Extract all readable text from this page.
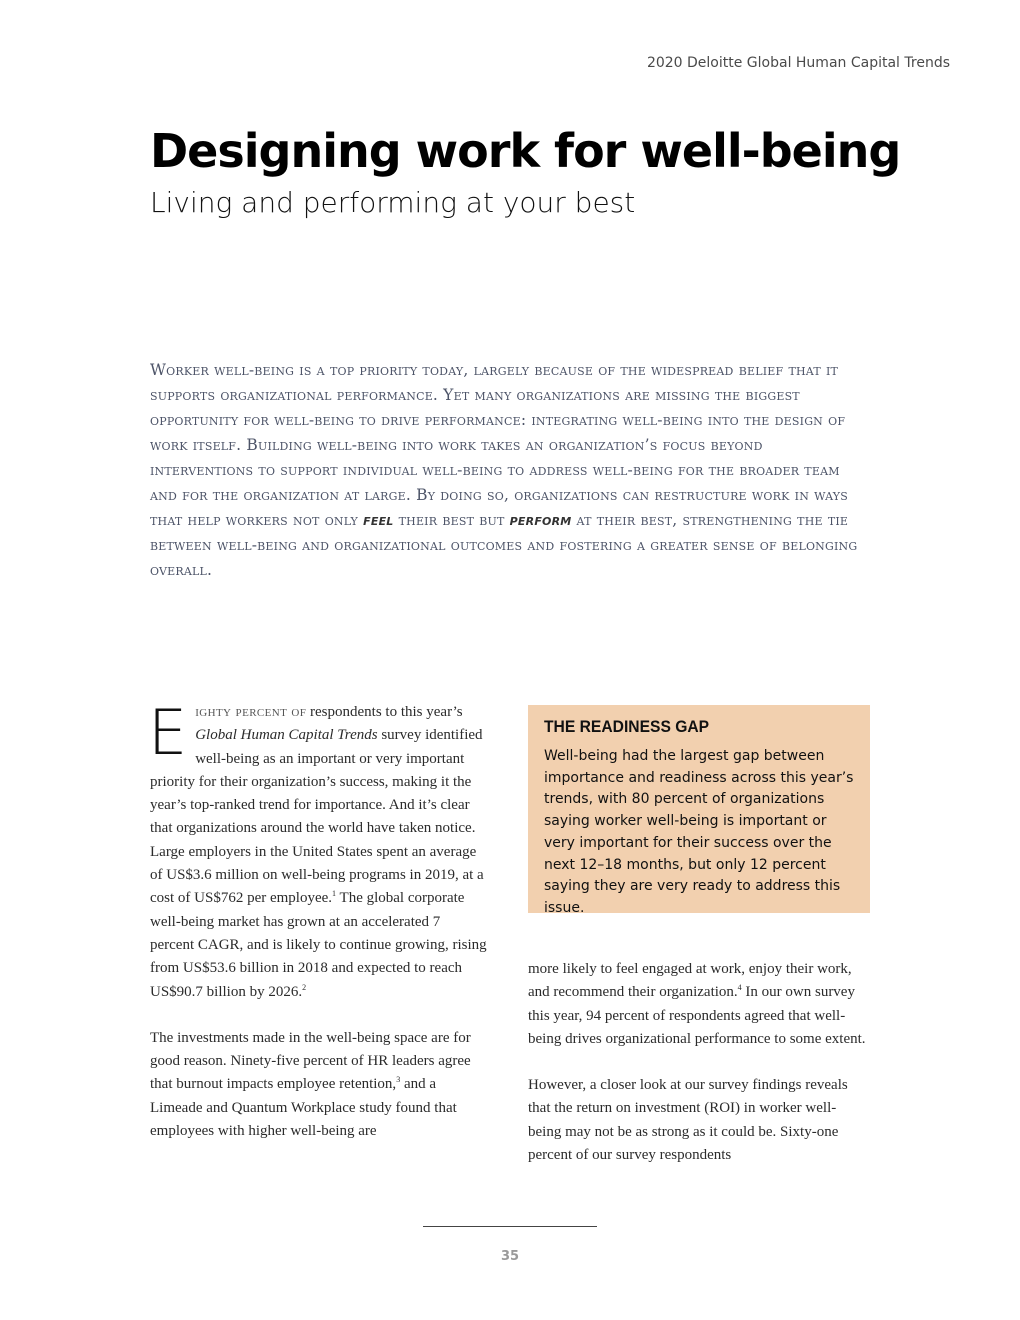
2020 Deloitte Global Human Capital Trends
Designing work for well-being
Living and performing at your best

Worker well-being is a top priority today, largely because of the widespread belief that it supports organizational performance. Yet many organizations are missing the biggest opportunity for well-being to drive performance: integrating well-being into the design of work itself. Building well-being into work takes an organization’s focus beyond interventions to support individual well-being to address well-being for the broader team and for the organization at large. By doing so, organizations can restructure work in ways that help workers not only feel their best but perform at their best, strengthening the tie between well-being and organizational outcomes and fostering a greater sense of belonging overall.

Eighty percent of respondents to this year’s Global Human Capital Trends survey identified well-being as an important or very important priority for their organization’s success, making it the year’s top-ranked trend for importance. And it’s clear that organizations around the world have taken notice. Large employers in the United States spent an average of US$3.6 million on well-being programs in 2019, at a cost of US$762 per employee.$^1$ The global corporate well-being market has grown at an accelerated 7 percent CAGR, and is likely to continue growing, rising from US$53.6 billion in 2018 and expected to reach US$90.7 billion by 2026.$^2$

The investments made in the well-being space are for good reason. Ninety-five percent of HR leaders agree that burnout impacts employee retention,$^3$ and a Limeade and Quantum Workplace study found that employees with higher well-being are

THE READINESS GAP

Well-being had the largest gap between importance and readiness across this year’s trends, with 80 percent of organizations saying worker well-being is important or very important for their success over the next 12–18 months, but only 12 percent saying they are very ready to address this issue.

more likely to feel engaged at work, enjoy their work, and recommend their organization.$^4$ In our own survey this year, 94 percent of respondents agreed that well-being drives organizational performance to some extent.

However, a closer look at our survey findings reveals that the return on investment (ROI) in worker well-being may not be as strong as it could be. Sixty-one percent of our survey respondents

35
